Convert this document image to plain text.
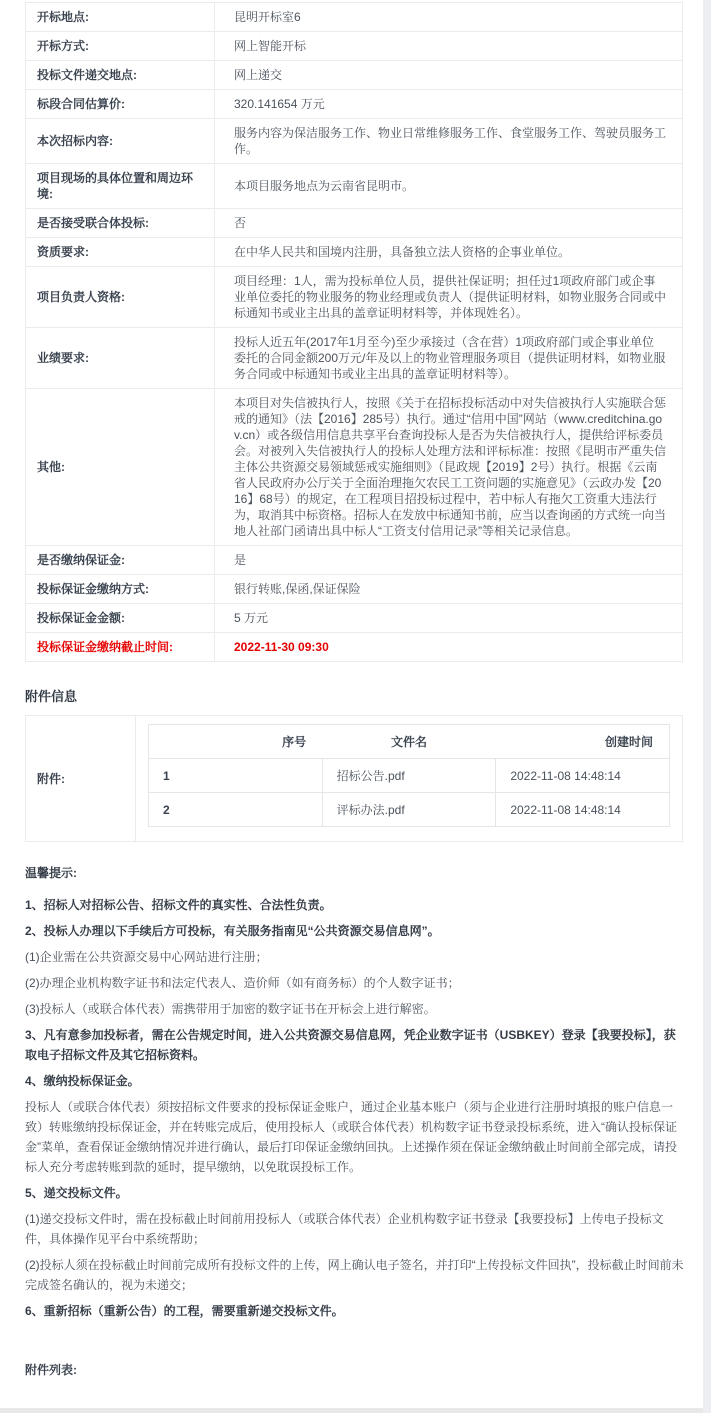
开标地点:	昆明开标室6
开标方式:	网上智能开标
投标文件递交地点:	网上递交
标段合同估算价:	320.141654 万元
本次招标内容:	服务内容为保洁服务工作、物业日常维修服务工作、食堂服务工作、驾驶员服务工作。
项目现场的具体位置和周边环境:	本项目服务地点为云南省昆明市。
是否接受联合体投标:	否
资质要求:	在中华人民共和国境内注册，具备独立法人资格的企事业单位。
项目负责人资格:	项目经理：1人，需为投标单位人员，提供社保证明；担任过1项政府部门或企事业单位委托的物业服务的物业经理或负责人（提供证明材料，如物业服务合同或中标通知书或业主出具的盖章证明材料等，并体现姓名）。
业绩要求:	投标人近五年(2017年1月至今)至少承接过（含在营）1项政府部门或企事业单位委托的合同金额200万元/年及以上的物业管理服务项目（提供证明材料，如物业服务合同或中标通知书或业主出具的盖章证明材料等）。
其他:	本项目对失信被执行人，按照《关于在招标投标活动中对失信被执行人实施联合惩戒的通知》（法【2016】285号）执行。通过“信用中国”网站（www.creditchina.gov.cn）或各级信用信息共享平台查询投标人是否为失信被执行人，提供给评标委员会。对被列入失信被执行人的投标人处理方法和评标标准：按照《昆明市严重失信主体公共资源交易领域惩戒实施细则》（昆政规【2019】2号）执行。根据《云南省人民政府办公厅关于全面治理拖欠农民工工资问题的实施意见》（云政办发【2016】68号）的规定，在工程项目招投标过程中，若中标人有拖欠工资重大违法行为，取消其中标资格。招标人在发放中标通知书前，应当以查询函的方式统一向当地人社部门函请出具中标人“工资支付信用记录”等相关记录信息。
是否缴纳保证金:	是
投标保证金缴纳方式:	银行转账,保函,保证保险
投标保证金金额:	5 万元
投标保证金缴纳截止时间:	2022-11-30 09:30
附件信息
附件:
序号	文件名	创建时间
1	招标公告.pdf	2022-11-08 14:48:14
2	评标办法.pdf	2022-11-08 14:48:14
温馨提示:
1、招标人对招标公告、招标文件的真实性、合法性负责。
2、投标人办理以下手续后方可投标，有关服务指南见“公共资源交易信息网”。
(1)企业需在公共资源交易中心网站进行注册；
(2)办理企业机构数字证书和法定代表人、造价师（如有商务标）的个人数字证书；
(3)投标人（或联合体代表）需携带用于加密的数字证书在开标会上进行解密。
3、凡有意参加投标者，需在公告规定时间，进入公共资源交易信息网，凭企业数字证书（USBKEY）登录【我要投标】，获取电子招标文件及其它招标资料。
4、缴纳投标保证金。
投标人（或联合体代表）须按招标文件要求的投标保证金账户，通过企业基本账户（须与企业进行注册时填报的账户信息一致）转账缴纳投标保证金，并在转账完成后，使用投标人（或联合体代表）机构数字证书登录投标系统，进入“确认投标保证金”菜单，查看保证金缴纳情况并进行确认，最后打印保证金缴纳回执。上述操作须在保证金缴纳截止时间前全部完成，请投标人充分考虑转账到款的延时，提早缴纳，以免耽误投标工作。
5、递交投标文件。
(1)递交投标文件时，需在投标截止时间前用投标人（或联合体代表）企业机构数字证书登录【我要投标】上传电子投标文件，具体操作见平台中系统帮助；
(2)投标人须在投标截止时间前完成所有投标文件的上传，网上确认电子签名，并打印“上传投标文件回执”，投标截止时间前未完成签名确认的，视为未递交；
6、重新招标（重新公告）的工程，需要重新递交投标文件。
附件列表:
